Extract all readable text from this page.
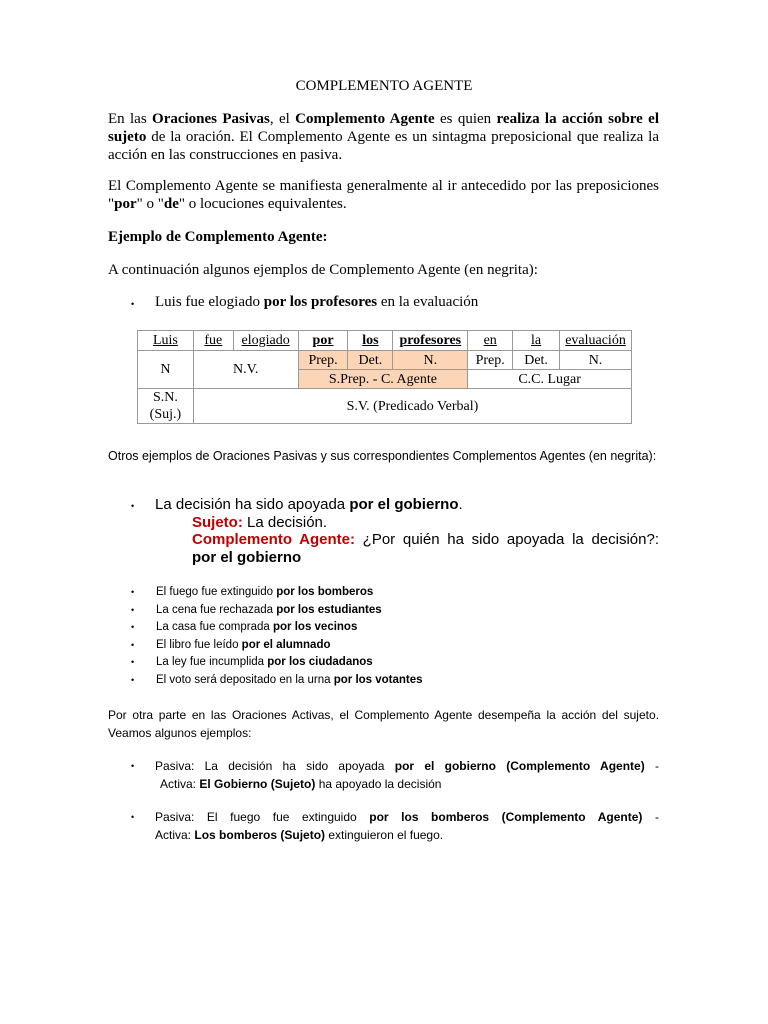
COMPLEMENTO AGENTE
En las Oraciones Pasivas, el Complemento Agente es quien realiza la acción sobre el sujeto de la oración. El Complemento Agente es un sintagma preposicional que realiza la acción en las construcciones en pasiva.
El Complemento Agente se manifiesta generalmente al ir antecedido por las preposiciones "por" o "de" o locuciones equivalentes.
Ejemplo de Complemento Agente:
A continuación algunos ejemplos de Complemento Agente (en negrita):
• Luis fue elogiado por los profesores en la evaluación
Luis	fue	elogiado	por	los	profesores	en	la	evaluación
N	N.V.		Prep.	Det.	N.	Prep.	Det.	N.
			S.Prep. - C. Agente			C.C. Lugar		
S.N.
(Suj.)	S.V. (Predicado Verbal)							
Otros ejemplos de Oraciones Pasivas y sus correspondientes Complementos Agentes (en negrita):
• La decisión ha sido apoyada por el gobierno.
Sujeto: La decisión.
Complemento Agente: ¿Por quién ha sido apoyada la decisión?: por el gobierno
• El fuego fue extinguido por los bomberos
• La cena fue rechazada por los estudiantes
• La casa fue comprada por los vecinos
• El libro fue leído por el alumnado
• La ley fue incumplida por los ciudadanos
• El voto será depositado en la urna por los votantes
Por otra parte en las Oraciones Activas, el Complemento Agente desempeña la acción del sujeto. Veamos algunos ejemplos:
• Pasiva: La decisión ha sido apoyada por el gobierno (Complemento Agente) -
Activa: El Gobierno (Sujeto) ha apoyado la decisión
• Pasiva: El fuego fue extinguido por los bomberos (Complemento Agente) -
Activa: Los bomberos (Sujeto) extinguieron el fuego.
